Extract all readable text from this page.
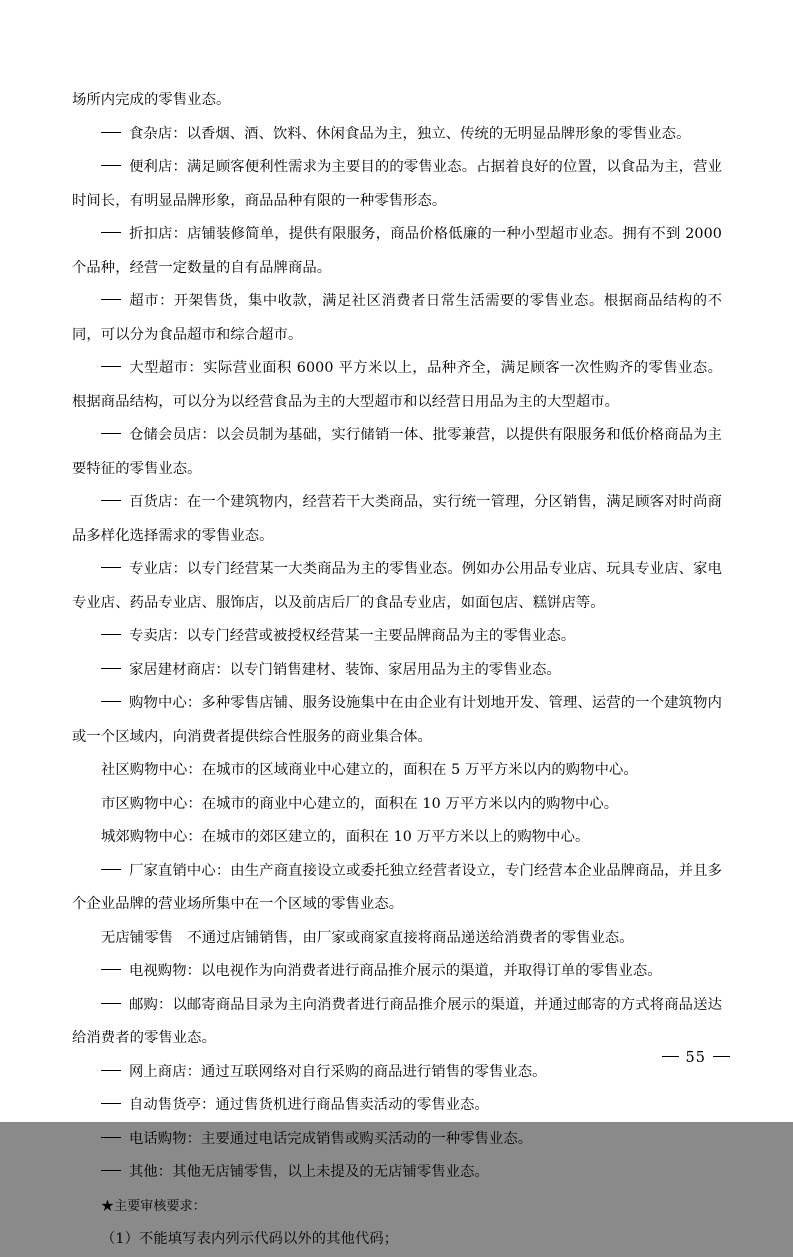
场所内完成的零售业态。

食杂店：以香烟、酒、饮料、休闲食品为主，独立、传统的无明显品牌形象的零售业态。

便利店：满足顾客便利性需求为主要目的的零售业态。占据着良好的位置，以食品为主，营业时间长，有明显品牌形象，商品品种有限的一种零售形态。

折扣店：店铺装修简单，提供有限服务，商品价格低廉的一种小型超市业态。拥有不到 2000 个品种，经营一定数量的自有品牌商品。

超市：开架售货，集中收款，满足社区消费者日常生活需要的零售业态。根据商品结构的不同，可以分为食品超市和综合超市。

大型超市：实际营业面积 6000 平方米以上，品种齐全，满足顾客一次性购齐的零售业态。根据商品结构，可以分为以经营食品为主的大型超市和以经营日用品为主的大型超市。

仓储会员店：以会员制为基础，实行储销一体、批零兼营，以提供有限服务和低价格商品为主要特征的零售业态。

百货店：在一个建筑物内，经营若干大类商品，实行统一管理，分区销售，满足顾客对时尚商品多样化选择需求的零售业态。

专业店：以专门经营某一大类商品为主的零售业态。例如办公用品专业店、玩具专业店、家电专业店、药品专业店、服饰店，以及前店后厂的食品专业店，如面包店、糕饼店等。

专卖店：以专门经营或被授权经营某一主要品牌商品为主的零售业态。

家居建材商店：以专门销售建材、装饰、家居用品为主的零售业态。

购物中心：多种零售店铺、服务设施集中在由企业有计划地开发、管理、运营的一个建筑物内或一个区域内，向消费者提供综合性服务的商业集合体。

社区购物中心：在城市的区域商业中心建立的，面积在 5 万平方米以内的购物中心。

市区购物中心：在城市的商业中心建立的，面积在 10 万平方米以内的购物中心。

城郊购物中心：在城市的郊区建立的，面积在 10 万平方米以上的购物中心。

厂家直销中心：由生产商直接设立或委托独立经营者设立，专门经营本企业品牌商品，并且多个企业品牌的营业场所集中在一个区域的零售业态。

无店铺零售　不通过店铺销售，由厂家或商家直接将商品递送给消费者的零售业态。

电视购物：以电视作为向消费者进行商品推介展示的渠道，并取得订单的零售业态。

邮购：以邮寄商品目录为主向消费者进行商品推介展示的渠道，并通过邮寄的方式将商品送达给消费者的零售业态。

网上商店：通过互联网络对自行采购的商品进行销售的零售业态。

自动售货亭：通过售货机进行商品售卖活动的零售业态。

电话购物：主要通过电话完成销售或购买活动的一种零售业态。

其他：其他无店铺零售，以上未提及的无店铺零售业态。

★主要审核要求：

（1）不能填写表内列示代码以外的其他代码；

55
